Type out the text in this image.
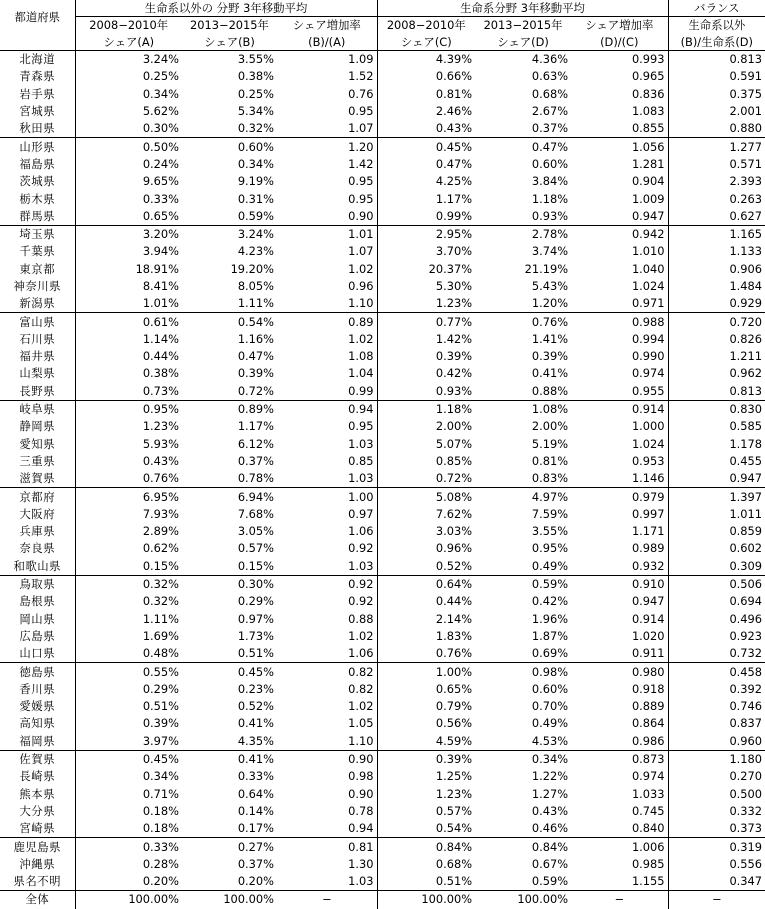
都道府県	生命系以外の 分野 3年移動平均			生命系分野 3年移動平均			バランス
	2008−2010年	2013−2015年	シェア増加率	2008−2010年	2013−2015年	シェア増加率	生命系以外
	シェア(A)	シェア(B)	(B)/(A)	シェア(C)	シェア(D)	(D)/(C)	(B)/生命系(D)
北海道	3.24%	3.55%	1.09	4.39%	4.36%	0.993	0.813
青森県	0.25%	0.38%	1.52	0.66%	0.63%	0.965	0.591
岩手県	0.34%	0.25%	0.76	0.81%	0.68%	0.836	0.375
宮城県	5.62%	5.34%	0.95	2.46%	2.67%	1.083	2.001
秋田県	0.30%	0.32%	1.07	0.43%	0.37%	0.855	0.880
山形県	0.50%	0.60%	1.20	0.45%	0.47%	1.056	1.277
福島県	0.24%	0.34%	1.42	0.47%	0.60%	1.281	0.571
茨城県	9.65%	9.19%	0.95	4.25%	3.84%	0.904	2.393
栃木県	0.33%	0.31%	0.95	1.17%	1.18%	1.009	0.263
群馬県	0.65%	0.59%	0.90	0.99%	0.93%	0.947	0.627
埼玉県	3.20%	3.24%	1.01	2.95%	2.78%	0.942	1.165
千葉県	3.94%	4.23%	1.07	3.70%	3.74%	1.010	1.133
東京都	18.91%	19.20%	1.02	20.37%	21.19%	1.040	0.906
神奈川県	8.41%	8.05%	0.96	5.30%	5.43%	1.024	1.484
新潟県	1.01%	1.11%	1.10	1.23%	1.20%	0.971	0.929
富山県	0.61%	0.54%	0.89	0.77%	0.76%	0.988	0.720
石川県	1.14%	1.16%	1.02	1.42%	1.41%	0.994	0.826
福井県	0.44%	0.47%	1.08	0.39%	0.39%	0.990	1.211
山梨県	0.38%	0.39%	1.04	0.42%	0.41%	0.974	0.962
長野県	0.73%	0.72%	0.99	0.93%	0.88%	0.955	0.813
岐阜県	0.95%	0.89%	0.94	1.18%	1.08%	0.914	0.830
静岡県	1.23%	1.17%	0.95	2.00%	2.00%	1.000	0.585
愛知県	5.93%	6.12%	1.03	5.07%	5.19%	1.024	1.178
三重県	0.43%	0.37%	0.85	0.85%	0.81%	0.953	0.455
滋賀県	0.76%	0.78%	1.03	0.72%	0.83%	1.146	0.947
京都府	6.95%	6.94%	1.00	5.08%	4.97%	0.979	1.397
大阪府	7.93%	7.68%	0.97	7.62%	7.59%	0.997	1.011
兵庫県	2.89%	3.05%	1.06	3.03%	3.55%	1.171	0.859
奈良県	0.62%	0.57%	0.92	0.96%	0.95%	0.989	0.602
和歌山県	0.15%	0.15%	1.03	0.52%	0.49%	0.932	0.309
鳥取県	0.32%	0.30%	0.92	0.64%	0.59%	0.910	0.506
島根県	0.32%	0.29%	0.92	0.44%	0.42%	0.947	0.694
岡山県	1.11%	0.97%	0.88	2.14%	1.96%	0.914	0.496
広島県	1.69%	1.73%	1.02	1.83%	1.87%	1.020	0.923
山口県	0.48%	0.51%	1.06	0.76%	0.69%	0.911	0.732
徳島県	0.55%	0.45%	0.82	1.00%	0.98%	0.980	0.458
香川県	0.29%	0.23%	0.82	0.65%	0.60%	0.918	0.392
愛媛県	0.51%	0.52%	1.02	0.79%	0.70%	0.889	0.746
高知県	0.39%	0.41%	1.05	0.56%	0.49%	0.864	0.837
福岡県	3.97%	4.35%	1.10	4.59%	4.53%	0.986	0.960
佐賀県	0.45%	0.41%	0.90	0.39%	0.34%	0.873	1.180
長崎県	0.34%	0.33%	0.98	1.25%	1.22%	0.974	0.270
熊本県	0.71%	0.64%	0.90	1.23%	1.27%	1.033	0.500
大分県	0.18%	0.14%	0.78	0.57%	0.43%	0.745	0.332
宮崎県	0.18%	0.17%	0.94	0.54%	0.46%	0.840	0.373
鹿児島県	0.33%	0.27%	0.81	0.84%	0.84%	1.006	0.319
沖縄県	0.28%	0.37%	1.30	0.68%	0.67%	0.985	0.556
県名不明	0.20%	0.20%	1.03	0.51%	0.59%	1.155	0.347
全体	100.00%	100.00%	−	100.00%	100.00%	−	−
